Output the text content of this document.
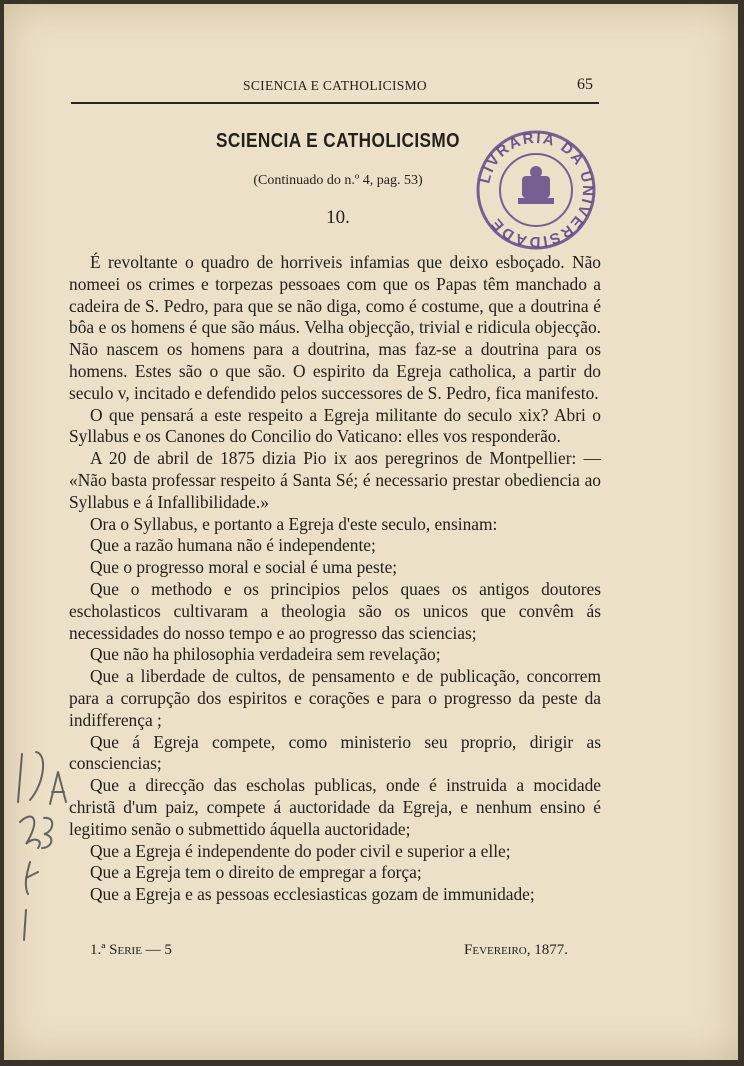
SCIENCIA E CATHOLICISMO	65
LIVRARIA DA UNIVERSIDADE
SCIENCIA E CATHOLICISMO
(Continuado do n.º 4, pag. 53)
10.

É revoltante o quadro de horriveis infamias que deixo esboçado. Não nomeei os crimes e torpezas pessoaes com que os Papas têm manchado a cadeira de S. Pedro, para que se não diga, como é costume, que a doutrina é bôa e os homens é que são máus. Velha objecção, trivial e ridicula objecção. Não nascem os homens para a doutrina, mas faz-se a doutrina para os homens. Estes são o que são. O espirito da Egreja catholica, a partir do seculo v, incitado e defendido pelos successores de S. Pedro, fica manifesto.

O que pensará a este respeito a Egreja militante do seculo xix? Abri o Syllabus e os Canones do Concilio do Vaticano: elles vos responderão.

A 20 de abril de 1875 dizia Pio ix aos peregrinos de Montpellier: — «Não basta professar respeito á Santa Sé; é necessario prestar obediencia ao Syllabus e á Infallibilidade.»

Ora o Syllabus, e portanto a Egreja d'este seculo, ensinam:

Que a razão humana não é independente;

Que o progresso moral e social é uma peste;

Que o methodo e os principios pelos quaes os antigos doutores escholasticos cultivaram a theologia são os unicos que convêm ás necessidades do nosso tempo e ao progresso das sciencias;

Que não ha philosophia verdadeira sem revelação;

Que a liberdade de cultos, de pensamento e de publicação, concorrem para a corrupção dos espiritos e corações e para o progresso da peste da indifferença ;

Que á Egreja compete, como ministerio seu proprio, dirigir as consciencias;

Que a direcção das escholas publicas, onde é instruida a mocidade christã d'um paiz, compete á auctoridade da Egreja, e nenhum ensino é legitimo senão o submettido áquella auctoridade;

Que a Egreja é independente do poder civil e superior a elle;

Que a Egreja tem o direito de empregar a força;

Que a Egreja e as pessoas ecclesiasticas gozam de immunidade;

1.ª Serie — 5	Fevereiro, 1877.
